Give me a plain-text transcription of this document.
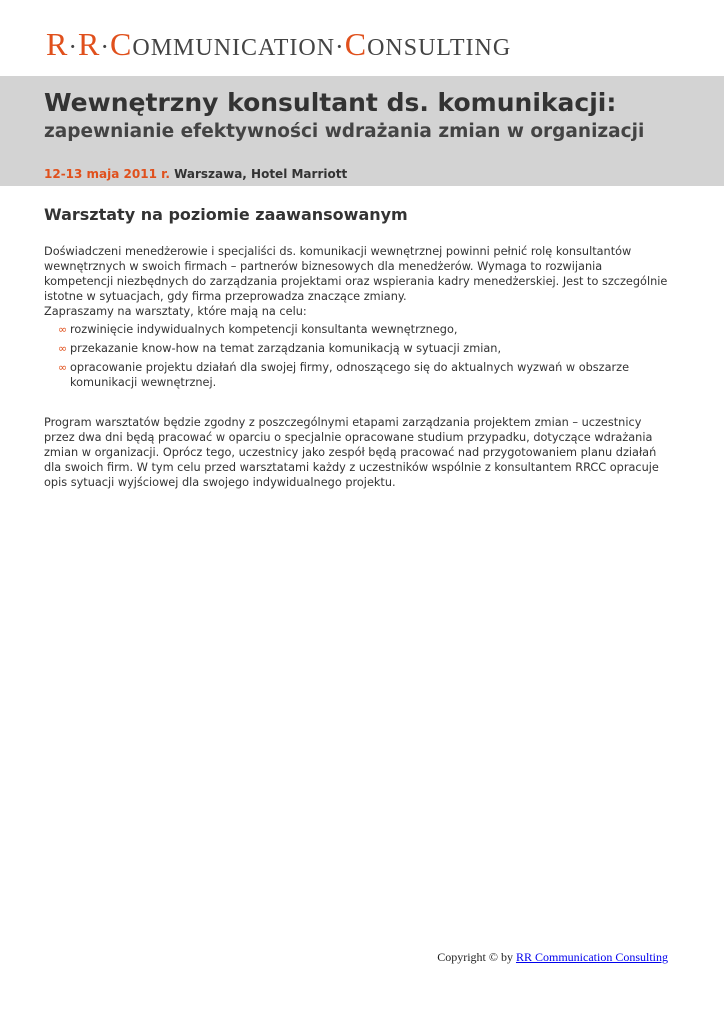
R·R·COMMUNICATION·CONSULTING
Wewnętrzny konsultant ds. komunikacji:
zapewnianie efektywności wdrażania zmian w organizacji
12-13 maja 2011 r. Warszawa, Hotel Marriott
Warsztaty na poziomie zaawansowanym

Doświadczeni menedżerowie i specjaliści ds. komunikacji wewnętrznej powinni pełnić rolę konsultantów wewnętrznych w swoich firmach – partnerów biznesowych dla menedżerów. Wymaga to rozwijania kompetencji niezbędnych do zarządzania projektami oraz wspierania kadry menedżerskiej. Jest to szczególnie istotne w sytuacjach, gdy firma przeprowadza znaczące zmiany.

Zapraszamy na warsztaty, które mają na celu:

∞ rozwinięcie indywidualnych kompetencji konsultanta wewnętrznego,
∞ przekazanie know-how na temat zarządzania komunikacją w sytuacji zmian,
∞ opracowanie projektu działań dla swojej firmy, odnoszącego się do aktualnych wyzwań w obszarze komunikacji wewnętrznej.

Program warsztatów będzie zgodny z poszczególnymi etapami zarządzania projektem zmian – uczestnicy przez dwa dni będą pracować w oparciu o specjalnie opracowane studium przypadku, dotyczące wdrażania zmian w organizacji. Oprócz tego, uczestnicy jako zespół będą pracować nad przygotowaniem planu działań dla swoich firm. W tym celu przed warsztatami każdy z uczestników wspólnie z konsultantem RRCC opracuje opis sytuacji wyjściowej dla swojego indywidualnego projektu.

Copyright © by RR Communication Consulting
